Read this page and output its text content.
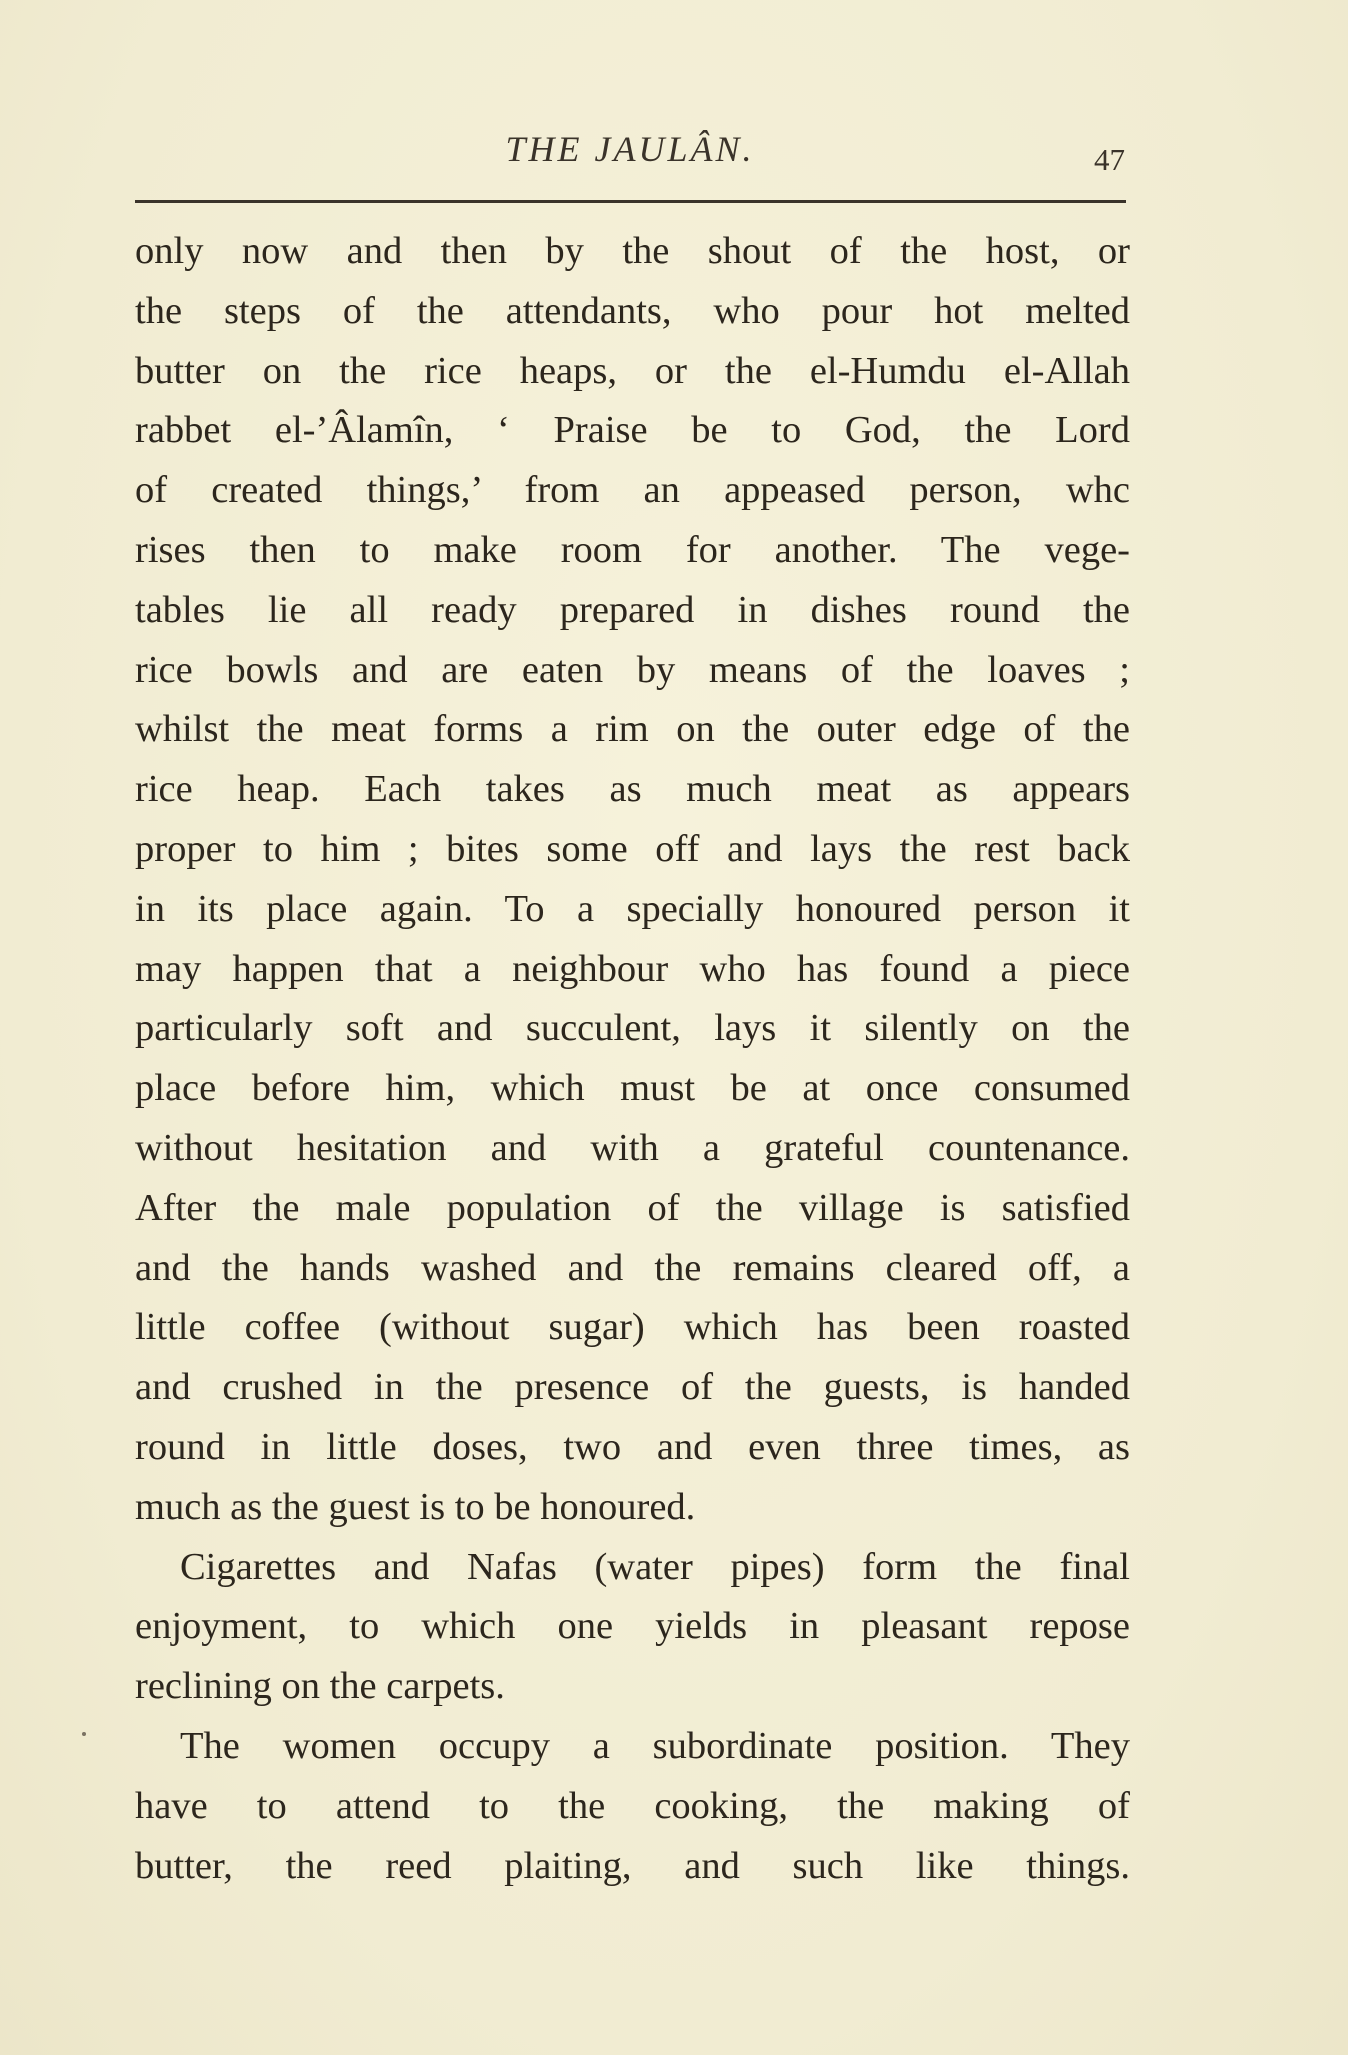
THE JAULÂN.	47
only now and then by the shout of the host, or
the steps of the attendants, who pour hot melted
butter on the rice heaps, or the el-Humdu el-Allah
rabbet el-’Âlamîn, ‘ Praise be to God, the Lord
of created things,’ from an appeased person, whc
rises then to make room for another. The vege-
tables lie all ready prepared in dishes round the
rice bowls and are eaten by means of the loaves ;
whilst the meat forms a rim on the outer edge of the
rice heap. Each takes as much meat as appears
proper to him ; bites some off and lays the rest back
in its place again. To a specially honoured person it
may happen that a neighbour who has found a piece
particularly soft and succulent, lays it silently on the
place before him, which must be at once consumed
without hesitation and with a grateful countenance.
After the male population of the village is satisfied
and the hands washed and the remains cleared off, a
little coffee (without sugar) which has been roasted
and crushed in the presence of the guests, is handed
round in little doses, two and even three times, as
much as the guest is to be honoured.
Cigarettes and Nafas (water pipes) form the final
enjoyment, to which one yields in pleasant repose
reclining on the carpets.
The women occupy a subordinate position. They
have to attend to the cooking, the making of
butter, the reed plaiting, and such like things.
